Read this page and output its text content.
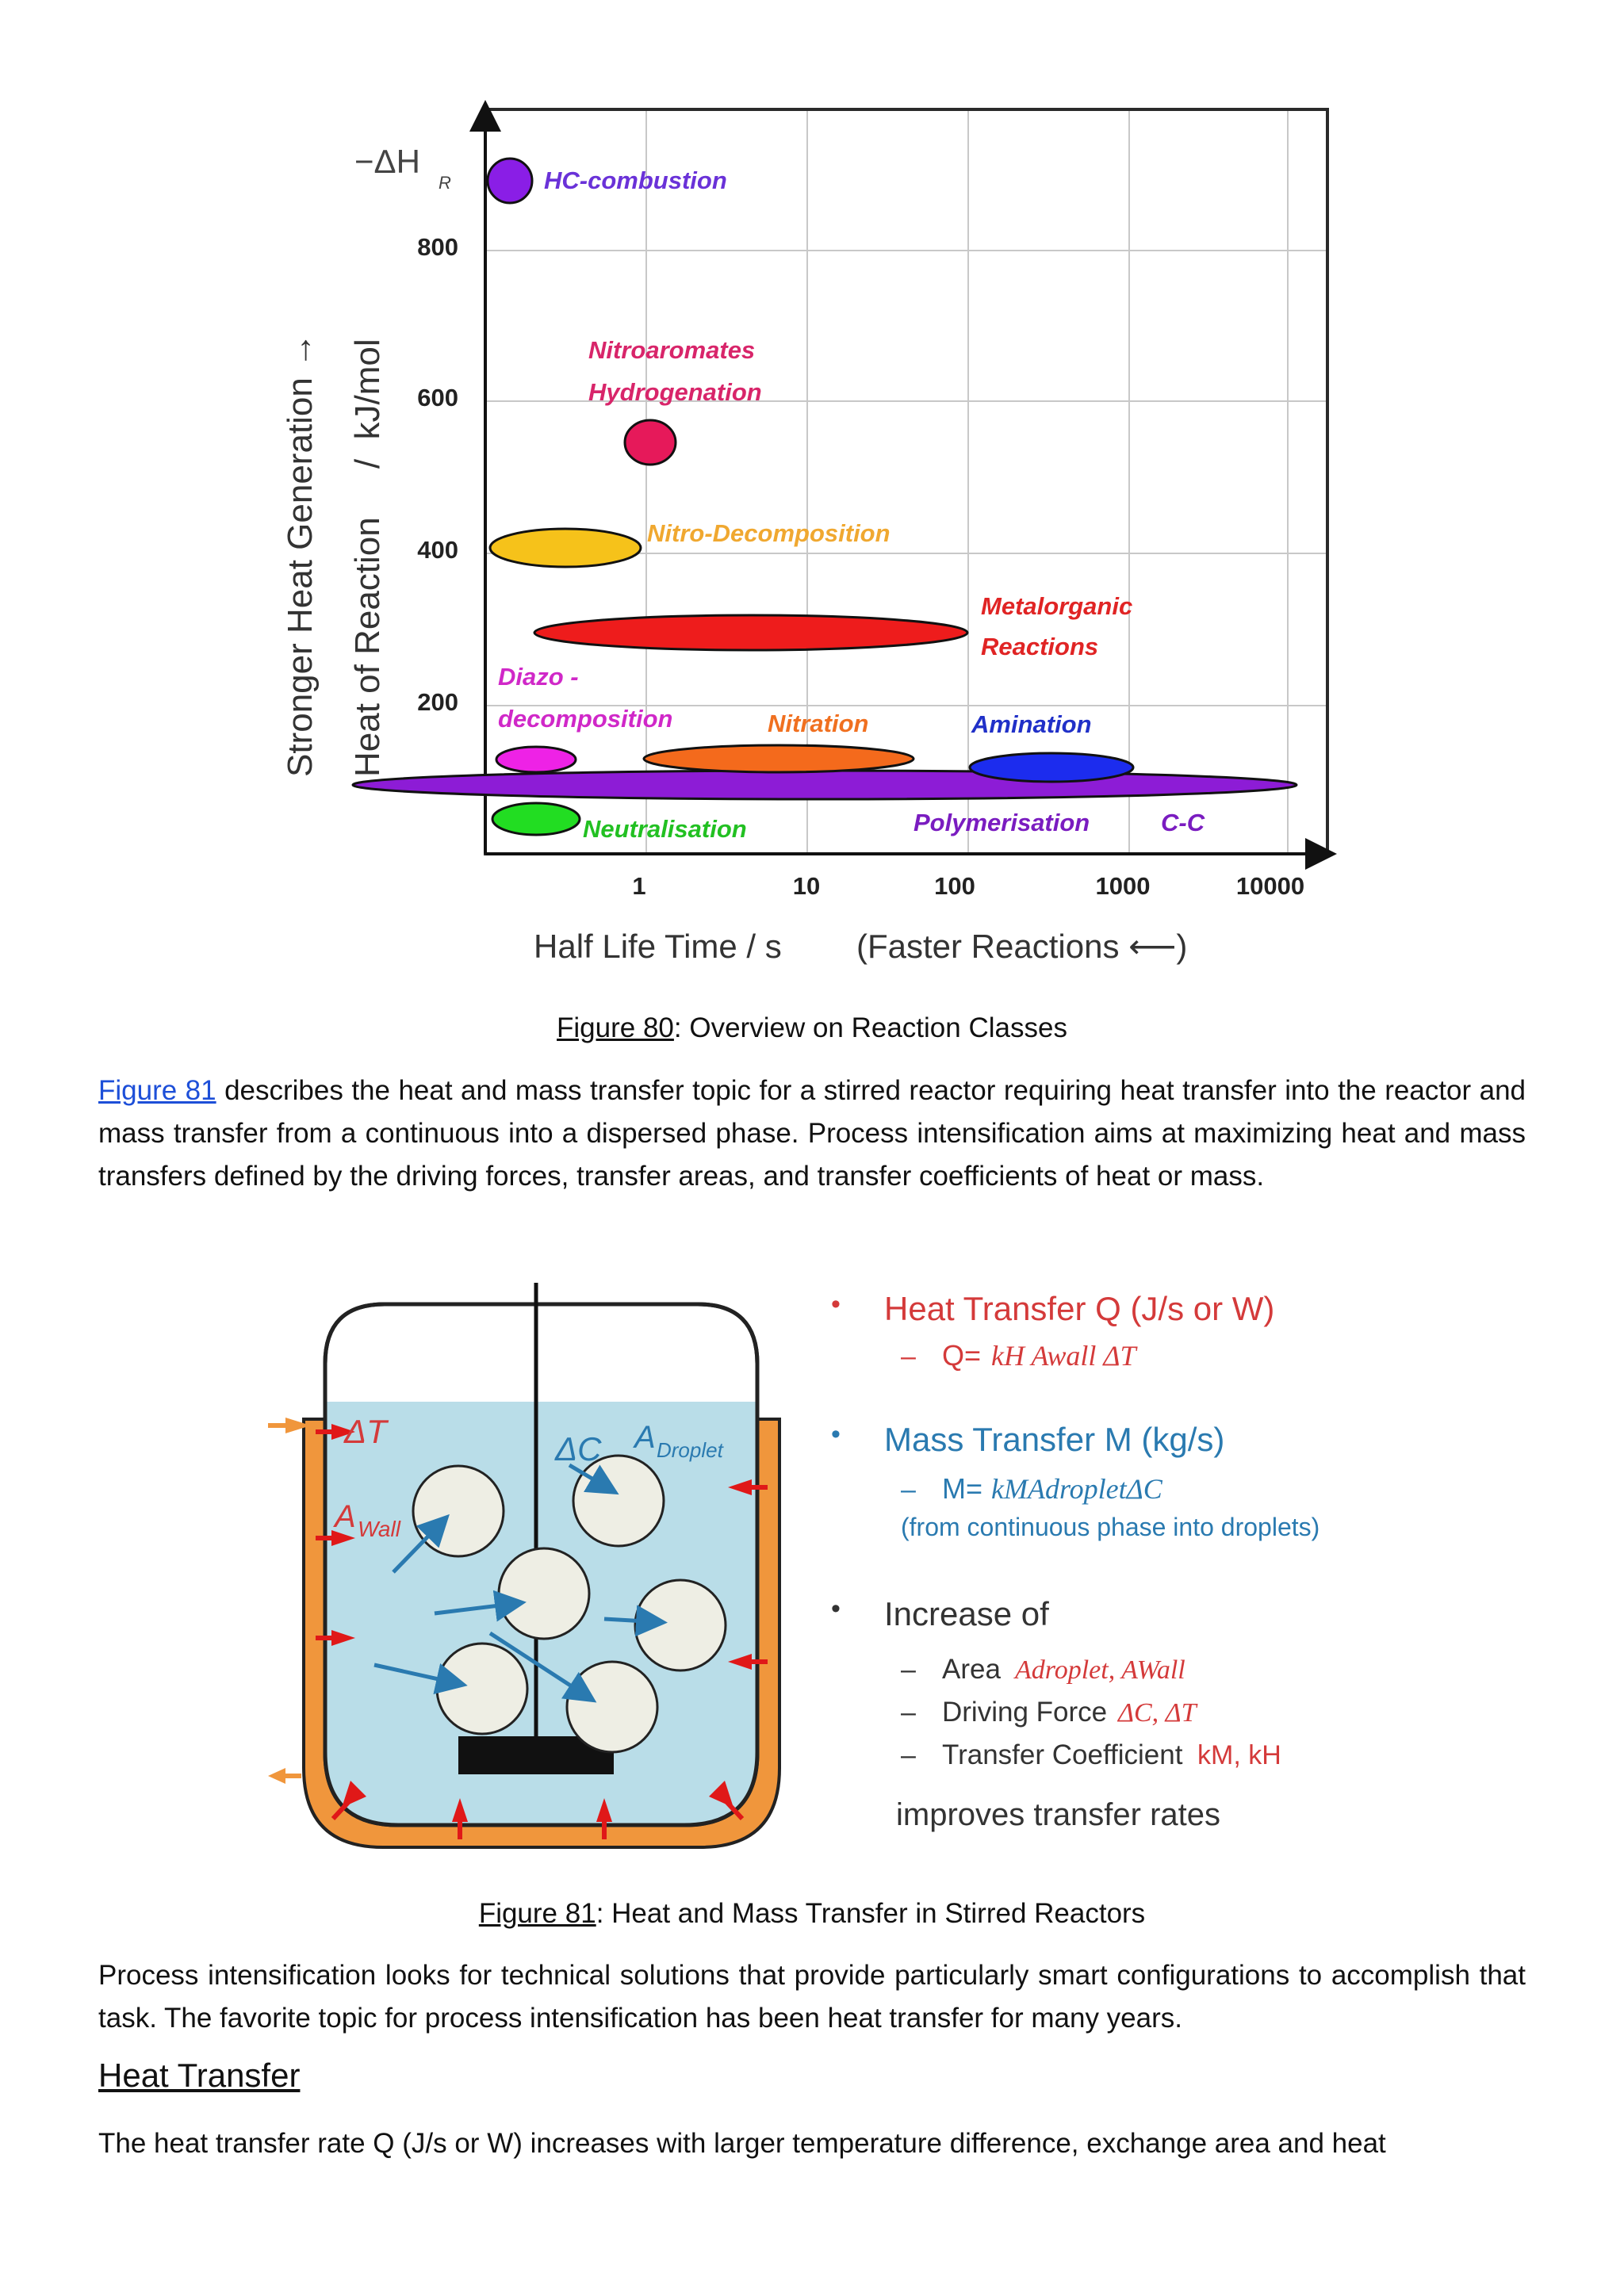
HC-combustion
Nitroaromates
Hydrogenation
Nitro-Decomposition
Metalorganic
Reactions
Diazo -
decomposition	Nitration	Amination
Polymerisation	C-C
Neutralisation
800
600
400
200
1	10	100	1000	10000
−ΔH
R
Half Life Time / s (Faster Reactions ⟵)
Stronger Heat Generation → Heat of Reaction     /  kJ/mol
Figure 80: Overview on Reaction Classes
Figure 81 describes the heat and mass transfer topic for a stirred reactor requiring heat transfer into the reactor and mass transfer from a continuous into a dispersed phase. Process intensification aims at maximizing heat and mass transfers defined by the driving forces, transfer areas, and transfer coefficients of heat or mass.
ΔT
A Wall
ΔC A Droplet
• Heat Transfer Q (J/s or W)
– Q= kH Awall ΔT
• Mass Transfer M (kg/s)
– M= kMAdropletΔC
(from continuous phase into droplets)
• Increase of
– Area Adroplet, AWall
– Driving Force ΔC, ΔT
– Transfer Coefficient kM, kH
improves transfer rates
Figure 81: Heat and Mass Transfer in Stirred Reactors
Process intensification looks for technical solutions that provide particularly smart configurations to accomplish that task. The favorite topic for process intensification has been heat transfer for many years.
Heat Transfer
The heat transfer rate Q (J/s or W) increases with larger temperature difference, exchange area and heat
